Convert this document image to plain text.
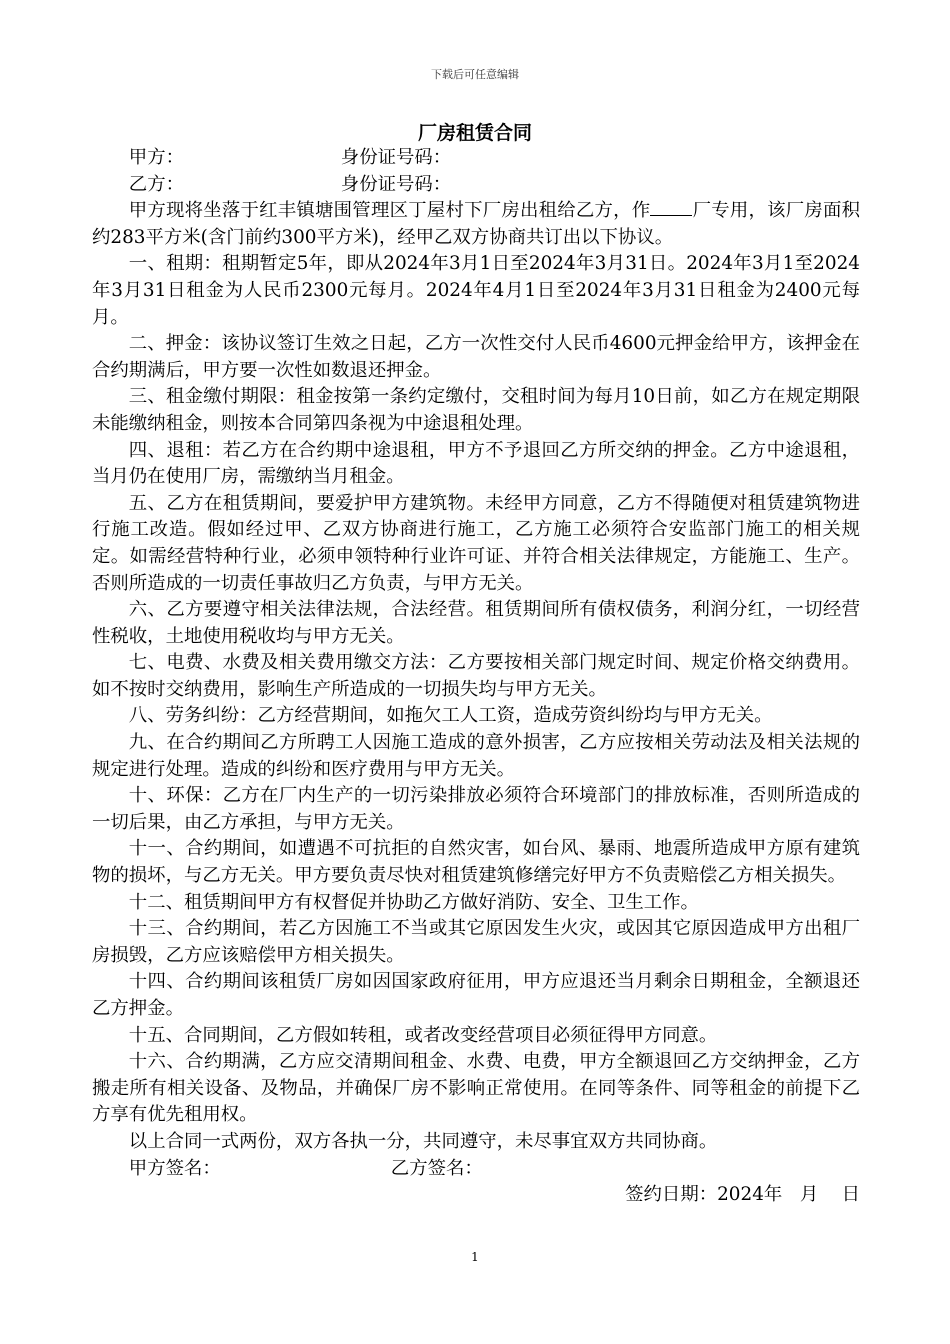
下载后可任意编辑
厂房租赁合同
甲方：	身份证号码：
乙方：	身份证号码：

甲方现将坐落于红丰镇塘围管理区丁屋村下厂房出租给乙方，作 厂专用，该厂房面积约283平方米(含门前约300平方米)，经甲乙双方协商共订出以下协议。

一、租期：租期暂定5年，即从2024年3月1日至2024年3月31日。2024年3月1至2024年3月31日租金为人民币2300元每月。2024年4月1日至2024年3月31日租金为2400元每月。

二、押金：该协议签订生效之日起，乙方一次性交付人民币4600元押金给甲方，该押金在合约期满后，甲方要一次性如数退还押金。

三、租金缴付期限：租金按第一条约定缴付，交租时间为每月10日前，如乙方在规定期限未能缴纳租金，则按本合同第四条视为中途退租处理。

四、退租：若乙方在合约期中途退租，甲方不予退回乙方所交纳的押金。乙方中途退租，当月仍在使用厂房，需缴纳当月租金。

五、乙方在租赁期间，要爱护甲方建筑物。未经甲方同意，乙方不得随便对租赁建筑物进行施工改造。假如经过甲、乙双方协商进行施工，乙方施工必须符合安监部门施工的相关规定。如需经营特种行业，必须申领特种行业许可证、并符合相关法律规定，方能施工、生产。否则所造成的一切责任事故归乙方负责，与甲方无关。

六、乙方要遵守相关法律法规，合法经营。租赁期间所有债权债务，利润分红，一切经营性税收，土地使用税收均与甲方无关。

七、电费、水费及相关费用缴交方法：乙方要按相关部门规定时间、规定价格交纳费用。如不按时交纳费用，影响生产所造成的一切损失均与甲方无关。

八、劳务纠纷：乙方经营期间，如拖欠工人工资，造成劳资纠纷均与甲方无关。

九、在合约期间乙方所聘工人因施工造成的意外损害，乙方应按相关劳动法及相关法规的规定进行处理。造成的纠纷和医疗费用与甲方无关。

十、环保：乙方在厂内生产的一切污染排放必须符合环境部门的排放标准，否则所造成的一切后果，由乙方承担，与甲方无关。

十一、合约期间，如遭遇不可抗拒的自然灾害，如台风、暴雨、地震所造成甲方原有建筑物的损坏，与乙方无关。甲方要负责尽快对租赁建筑修缮完好甲方不负责赔偿乙方相关损失。

十二、租赁期间甲方有权督促并协助乙方做好消防、安全、卫生工作。

十三、合约期间，若乙方因施工不当或其它原因发生火灾，或因其它原因造成甲方出租厂房损毁，乙方应该赔偿甲方相关损失。

十四、合约期间该租赁厂房如因国家政府征用，甲方应退还当月剩余日期租金，全额退还乙方押金。

十五、合同期间，乙方假如转租，或者改变经营项目必须征得甲方同意。

十六、合约期满，乙方应交清期间租金、水费、电费，甲方全额退回乙方交纳押金，乙方搬走所有相关设备、及物品，并确保厂房不影响正常使用。在同等条件、同等租金的前提下乙方享有优先租用权。

以上合同一式两份，双方各执一分，共同遵守，未尽事宜双方共同协商。

甲方签名：	乙方签名：
签约日期：2024年   月    日
1
